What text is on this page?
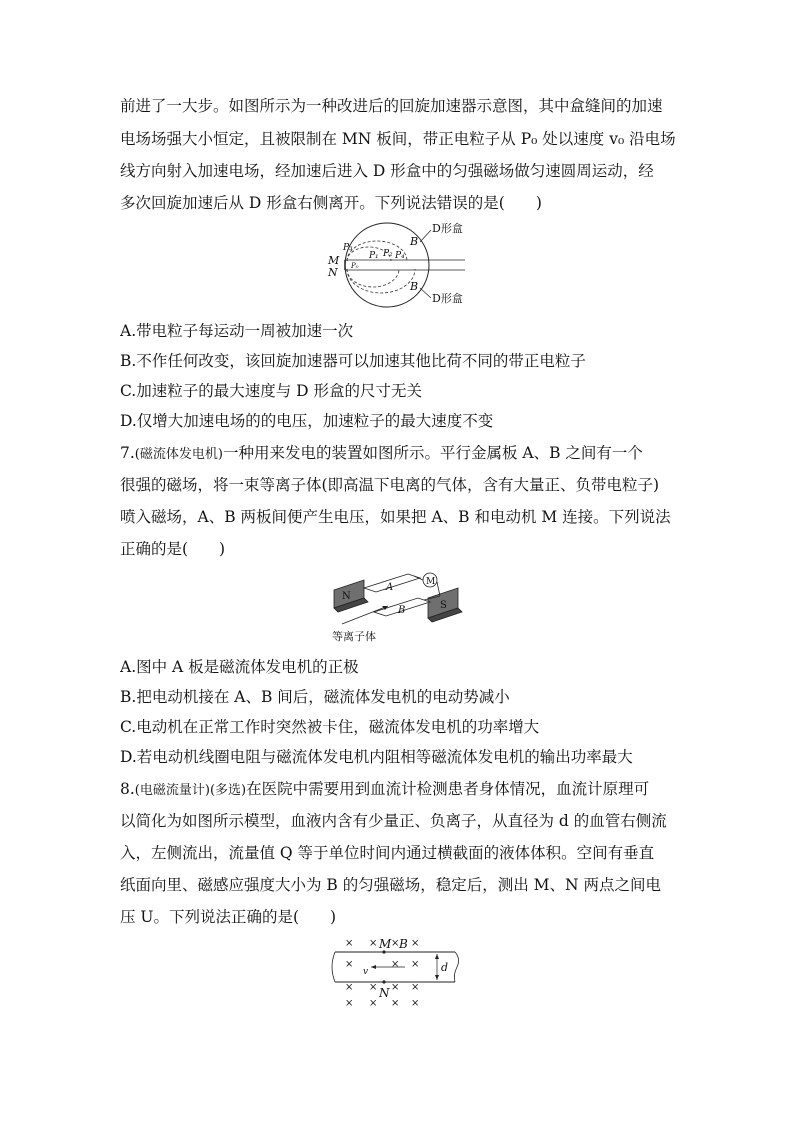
前进了一大步。如图所示为一种改进后的回旋加速器示意图，其中盒缝间的加速
电场场强大小恒定，且被限制在 MN 板间，带正电粒子从 P₀ 处以速度 v₀ 沿电场
线方向射入加速电场，经加速后进入 D 形盒中的匀强磁场做匀速圆周运动，经
多次回旋加速后从 D 形盒右侧离开。下列说法错误的是(　　)
D形盒
D形盒
B
B
M
N
P₃
P₁ P₂ P₄
P₀
A.带电粒子每运动一周被加速一次
B.不作任何改变，该回旋加速器可以加速其他比荷不同的带正电粒子
C.加速粒子的最大速度与 D 形盒的尺寸无关
D.仅增大加速电场的的电压，加速粒子的最大速度不变
7.(磁流体发电机)一种用来发电的装置如图所示。平行金属板 A、B 之间有一个
很强的磁场，将一束等离子体(即高温下电离的气体，含有大量正、负带电粒子)
喷入磁场，A、B 两板间便产生电压，如果把 A、B 和电动机 M 连接。下列说法
正确的是(　　)
N
S
A
B
M
等离子体
A.图中 A 板是磁流体发电机的正极
B.把电动机接在 A、B 间后，磁流体发电机的电动势减小
C.电动机在正常工作时突然被卡住，磁流体发电机的功率增大
D.若电动机线圈电阻与磁流体发电机内阻相等磁流体发电机的输出功率最大
8.(电磁流量计)(多选)在医院中需要用到血流计检测患者身体情况，血流计原理可
以简化为如图所示模型，血液内含有少量正、负离子，从直径为 d 的血管右侧流
入，左侧流出，流量值 Q 等于单位时间内通过横截面的液体体积。空间有垂直
纸面向里、磁感应强度大小为 B 的匀强磁场，稳定后，测出 M、N 两点之间电
压 U。下列说法正确的是(　　)
d
v
M B
N
× × × ×
×	× ×
× × × ×
× × × ×
